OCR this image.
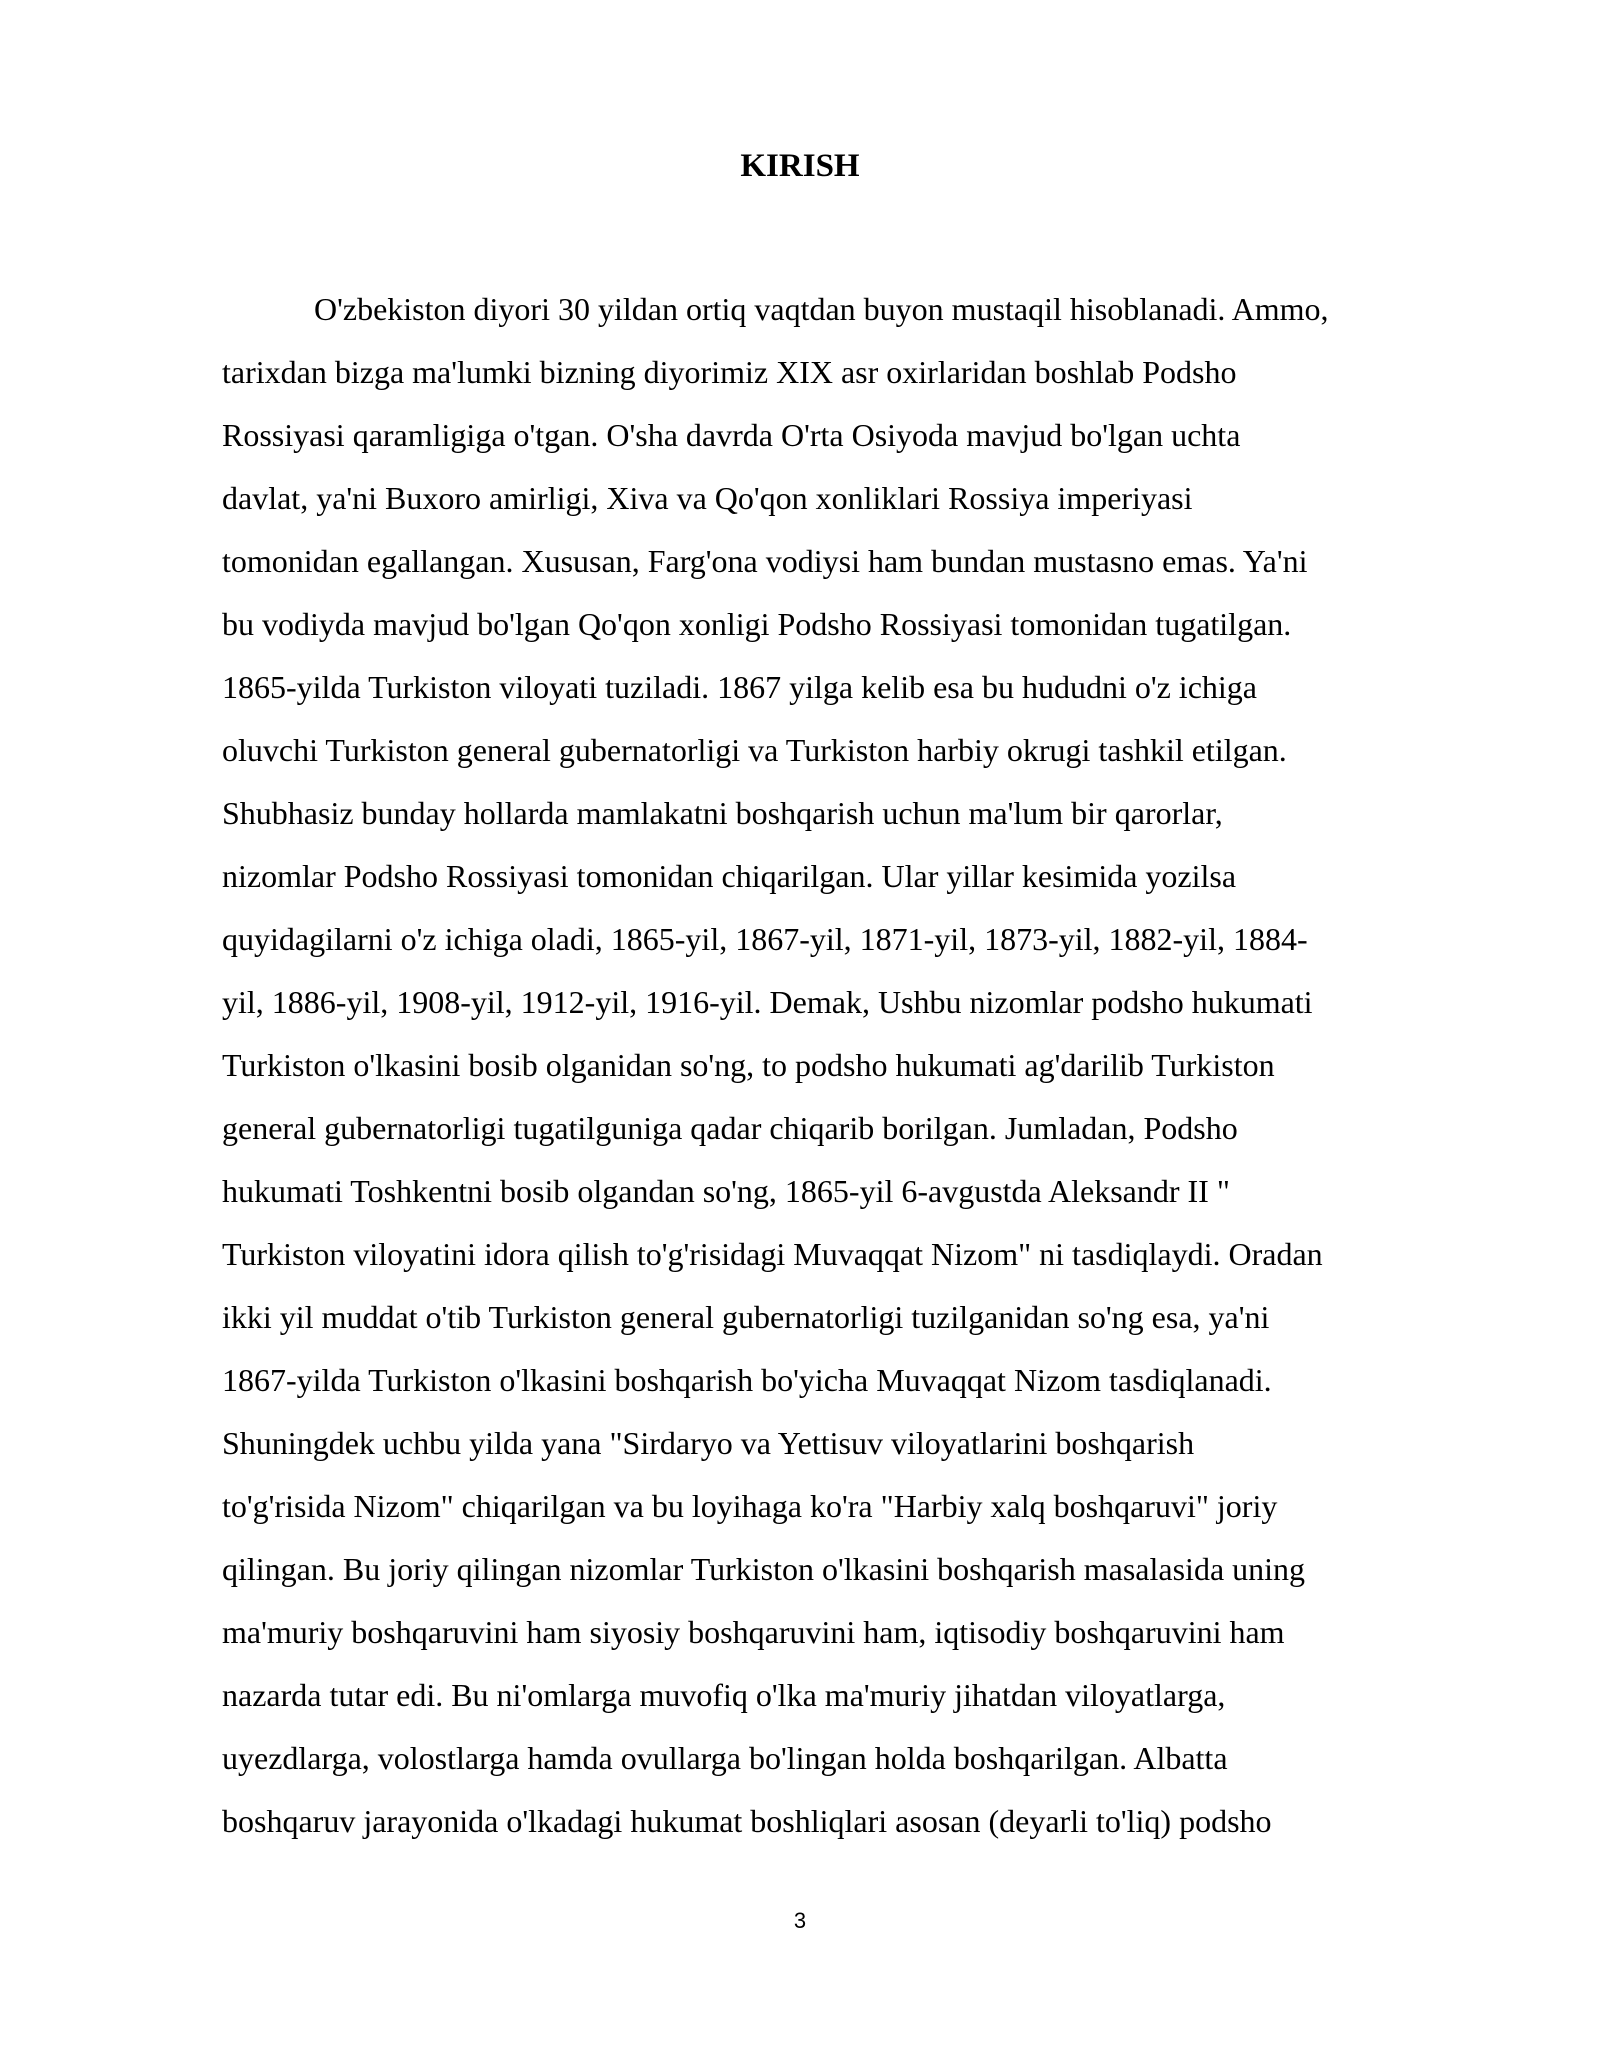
KIRISH
O'zbekiston diyori 30 yildan ortiq vaqtdan buyon mustaqil hisoblanadi. Ammo,
tarixdan bizga ma'lumki bizning diyorimiz XIX asr oxirlaridan boshlab Podsho
Rossiyasi qaramligiga o'tgan. O'sha davrda O'rta Osiyoda mavjud bo'lgan uchta
davlat, ya'ni Buxoro amirligi, Xiva va Qo'qon xonliklari Rossiya imperiyasi
tomonidan egallangan. Xususan, Farg'ona vodiysi ham bundan mustasno emas. Ya'ni
bu vodiyda mavjud bo'lgan Qo'qon xonligi Podsho Rossiyasi tomonidan tugatilgan.
1865-yilda Turkiston viloyati tuziladi. 1867 yilga kelib esa bu hududni o'z ichiga
oluvchi Turkiston general gubernatorligi va Turkiston harbiy okrugi tashkil etilgan.
Shubhasiz bunday hollarda mamlakatni boshqarish uchun ma'lum bir qarorlar,
nizomlar Podsho Rossiyasi tomonidan chiqarilgan. Ular yillar kesimida yozilsa
quyidagilarni o'z ichiga oladi, 1865-yil, 1867-yil, 1871-yil, 1873-yil, 1882-yil, 1884-
yil, 1886-yil, 1908-yil, 1912-yil, 1916-yil. Demak, Ushbu nizomlar podsho hukumati
Turkiston o'lkasini bosib olganidan so'ng, to podsho hukumati ag'darilib Turkiston
general gubernatorligi tugatilguniga qadar chiqarib borilgan. Jumladan, Podsho
hukumati Toshkentni bosib olgandan so'ng, 1865-yil 6-avgustda Aleksandr II "
Turkiston viloyatini idora qilish to'g'risidagi Muvaqqat Nizom" ni tasdiqlaydi. Oradan
ikki yil muddat o'tib Turkiston general gubernatorligi tuzilganidan so'ng esa, ya'ni
1867-yilda Turkiston o'lkasini boshqarish bo'yicha Muvaqqat Nizom tasdiqlanadi.
Shuningdek uchbu yilda yana "Sirdaryo va Yettisuv viloyatlarini boshqarish
to'g'risida Nizom" chiqarilgan va bu loyihaga ko'ra "Harbiy xalq boshqaruvi" joriy
qilingan. Bu joriy qilingan nizomlar Turkiston o'lkasini boshqarish masalasida uning
ma'muriy boshqaruvini ham siyosiy boshqaruvini ham, iqtisodiy boshqaruvini ham
nazarda tutar edi. Bu ni'omlarga muvofiq o'lka ma'muriy jihatdan viloyatlarga,
uyezdlarga, volostlarga hamda ovullarga bo'lingan holda boshqarilgan. Albatta
boshqaruv jarayonida o'lkadagi hukumat boshliqlari asosan (deyarli to'liq) podsho
3
